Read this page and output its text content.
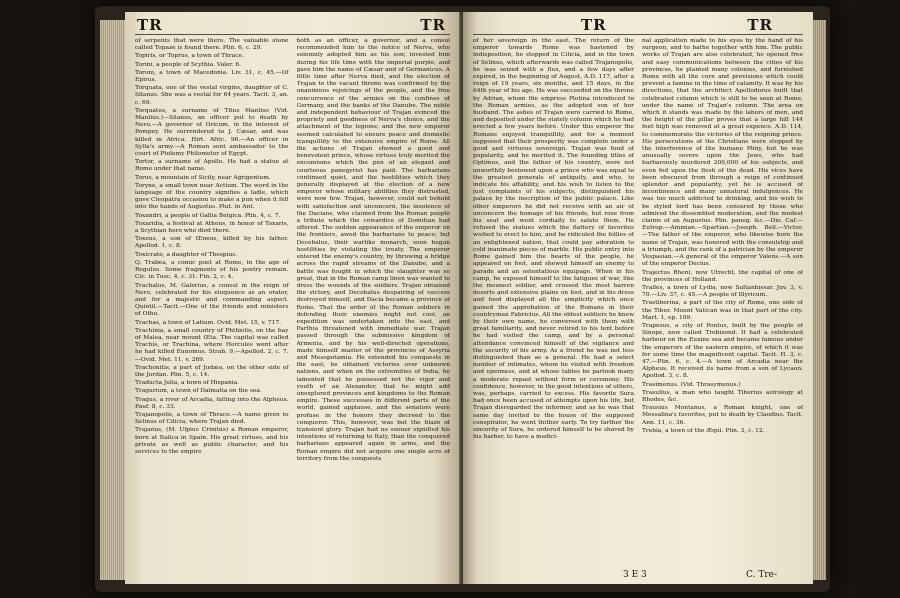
TR	TR

of serpents that were there. The valuable stone called Topaze is found there. Plin. 6, c. 29.

Topiris, or Toprus, a town of Thrace.

Torini, a people of Scythia. Valer. 6.

Toroni, a town of Macedonia. Liv. 31, c. 45.—Of Epirus.

Torquata, one of the vestal virgins, daughter of C. Silanus. She was a vestal for 64 years. Tacit. 3, an. c. 69.

Torquatus, a surname of Titus Manlius (Vid. Manlius.)—Silanus, an officer put to death by Nero.—A governor of Oricum, in the interest of Pompey. He surrendered to J. Cæsar, and was killed in Africa. Hirt. Afric. 96.—An officer in Sylla's army.—A Roman sent ambassador to the court of Ptolemy Philometor of Egypt.

Tortor, a surname of Apollo. He had a statue at Rome under that name.

Torus, a mountain of Sicily, near Agrigentum.

Toryne, a small town near Actium. The word in the language of the country signifies a ladle, which gave Cleopatra occasion to make a pun when it fell into the hands of Augustus. Plut. in Ant.

Toxandri, a people of Gallia Belgica. Plin. 4, c. 7.

Toxaridia, a festival at Athens, in honor of Toxaris, a Scythian hero who died there.

Toxeus, a son of Œneus, killed by his father. Apollod. 1, c. 8.

Toxicrate, a daughter of Thespius.

Q. Trabea, a comic poet at Rome, in the age of Regulus. Some fragments of his poetry remain. Cic. in Tusc. 4, c. 31. Fin. 2, c. 4.

Trachalus, M. Galerius, a consul in the reign of Nero, celebrated for his eloquence as an orator, and for a majestic and commanding aspect. Quintil.—Tacit.—One of the friends and ministers of Otho.

Trachas, a town of Latium. Ovid. Met. 15, v. 717.

Trachinia, a small country of Phthiotis, on the bay of Malea, near mount Œta. The capital was called Trachis, or Trachina, where Hercules went after he had killed Eunomus. Strab. 9.—Apollod. 2, c. 7.—Ovid. Met. 11, v. 269.

Trachonitis, a part of Judæa, on the other side of the Jordan. Plin. 5, c. 14.

Traducta Julia, a town of Hispania.

Tragurium, a town of Dalmatia on the sea.

Tragus, a river of Arcadia, falling into the Alpheus. Pauf. 8, c. 33.

Trajanopolis, a town of Thrace.—A name given to Selinus of Cilicia, where Trajan died.

Trajanus, (M. Ulpius Crinitus) a Roman emperor, born at Italica in Spain. His great virtues, and his private as well as public character, and his services to the empire

both as an officer, a governor, and a consul recommended him to the notice of Nerva, who solemnly adopted him as his son; invested him during his life time with the imperial purple, and gave him the name of Cæsar and of Germanicus. A little time after Nerva died, and the election of Trajan to the vacant throne was confirmed by the unanimous rejoicings of the people, and the free concurrence of the armies on the confines of Germany, and the banks of the Danube. The noble and independent behaviour of Trajan evinced the propriety and goodness of Nerva's choice, and the attachment of the legions; and the new emperor seemed calculated to ensure peace and domestic tranquillity to the extensive empire of Rome. All the actions of Trajan shewed a good and benevolent prince, whose virtues truly merited the encomiums which the pen of an elegant and courteous panegyrist has paid. The barbarians continued quiet, and the hostilities which they generally displayed at the election of a new emperor whose military abilities they distrusted, were now few. Trajan, however, could not behold with satisfaction and unconcern, the insolence of the Dacians, who claimed from the Roman people a tribute which the cowardice of Domitian had offered. The sudden appearance of the emperor on the frontiers, awed the barbarians to peace; but Decebalus, their warlike monarch, soon began hostilities by violating the treaty. The emperor entered the enemy's country, by throwing a bridge across the rapid streams of the Danube, and a battle was fought in which the slaughter was so great, that in the Roman camp linen was wanted to dress the wounds of the soldiers. Trajan obtained the victory, and Decebalus despairing of success destroyed himself, and Dacia became a province of Rome. That the ardor of the Roman soldiers in defending their enemies might not cool, an expedition was undertaken into the east, and Parthia threatened with immediate war. Trajan passed through the submissive kingdom of Armenia, and by his well-directed operations, made himself master of the provinces of Assyria and Mesopotamia. He extended his conquests in the east, he obtained victories over unknown nations, and when on the extremities of India, he lamented that he possessed not the vigor and youth of an Alexander, that he might add unexplored provinces and kingdoms to the Roman empire. These successes in different parts of the world, gained applause, and the senators were profuse in the honors they decreed to the conqueror. This, however, was but the blaze of transient glory. Trajan had no sooner signified his intentions of returning to Italy, than the conquered barbarians appeared again in arms, and the Roman empire did not acquire one single acre of territory from the conquests

TR	TR

of her sovereign in the east. The return of the emperor towards Rome was hastened by indisposition, he stopped in Cilicia, and in the town of Selinus, which afterwards was called Trajanopolis, he was seized with a flux, and a few days after expired, in the beginning of August, A.D. 117, after a reign of 19 years, six months, and 15 days, in the 64th year of his age. He was succeeded on the throne by Adrian, whom the empress Plotina introduced to the Roman armies, as the adopted son of her husband. The ashes of Trajan were carried to Rome, and deposited under the stately column which he had erected a few years before. Under this emperor the Romans enjoyed tranquillity, and for a moment supposed that their prosperity was complete under a good and virtuous sovereign. Trajan was fond of popularity, and he merited it. The founding titles of Optimus, and the father of his country, were not unworthily bestowed upon a prince who was equal to the greatest generals of antiquity, and who, to indicate his affability, and his wish to listen to the just complaints of his subjects, distinguished his palace by the inscription of the public palace. Like other emperors he did not receive with an air of unconcern the homage of his friends, but rose from his seat and went cordially to salute them. He refused the statues which the flattery of favorites wished to erect to him, and he ridiculed the follies of an enlightened nation, that could pay adoration to cold inanimate pieces of marble. His public entry into Rome gained him the hearts of the people, he appeared on foot, and shewed himself an enemy to parade and an ostentatious equipage. When in his camp, he exposed himself to the fatigues of war, like the meanest soldier, and crossed the most barren deserts and extensive plains on foot, and in his dress and food displayed all the simplicity which once gained the approbation of the Romans in their countryman Fabricius. All the oldest soldiers he knew by their own name, he conversed with them with great familiarity, and never retired to his tent before he had visited the camp, and by a personal attendance convinced himself of the vigilance and the security of his army. As a friend he was not less distinguished than as a general. He had a select number of intimates, whom he visited with freedom and openness, and at whose tables he partook many a moderate repast without form or ceremony. His confidence, however, in the good intentions of others, was, perhaps, carried to excess. His favorite Sura had once been accused of attempts upon his life, but Trajan disregarded the informer, and as he was that same day invited to the house of the supposed conspirator, he went thither early. To try farther the sincerity of Sura, he ordered himself to be shaved by his barber, to have a medici-

nal application made to his eyes by the hand of his surgeon, and to bathe together with him. The public works of Trajan are also celebrated, he opened free and easy communications between the cities of his provinces, he planted many colonies, and furnished Rome with all the corn and provisions which could prevent a famine in the time of calamity. It was by his directions, that the architect Apollodorus built that celebrated column which is still to be seen at Rome, under the name of Trajan's column. The area on which it stands was made by the labors of men, and the height of the pillar proves that a large hill 144 feet high was removed at a great expence. A.D. 114, to commemorate the victories of the reigning prince. His persecutions of the Christians were stopped by the interference of the humane Pliny, but he was unusually severe upon the Jews, who had barbarously murdered 200,000 of his subjects, and even fed upon the flesh of the dead. His vices have been obscured from through a reign of continued splendor and popularity, yet he is accused of incontinence and many unnatural indulgences. He was too much addicted to drinking, and his wish to be styled lord has been censured by those who admired the dissembled moderation, and the modest claims of an Augustus. Plin. paneg. &c.—Dio. Caf.—Eutrop.—Ammian.—Spartian.—Joseph. Bell.—Victor.—The father of the emperor, who likewise bore the name of Trajan, was honored with the consulship and a triumph, and the rank of a patrician by the emperor Vespasian.—A general of the emperor Valens.—A son of the emperor Decius.

Trajectus Rheni, now Utrecht, the capital of one of the provinces of Holland.

Tralles, a town of Lydia, now Sultanhissar. Juv. 3, v. 70.—Liv. 37, c. 45.—A people of Illyricum.

Trastiberina, a part of the city of Rome, one side of the Tiber. Mount Vatican was in that part of the city. Mart. 1, ep. 109.

Trapezus, a city of Pontus, built by the people of Sinope, now called Trebizond. It had a celebrated harbour on the Euxine sea and became famous under the emperors of the eastern empire, of which it was for some time the magnificent capital. Tacit. H. 3, c. 47.—Plin. 6, c. 4.—A town of Arcadia near the Alpheus. It received its name from a son of Lycaon. Apollod. 3, c. 8.

Trasimenus. (Vid. Thrasymenus.)

Trasullus, a man who taught Tiberius astrology at Rhodes, &c.

Trausius Montanus, a Roman knight, one of Messalina's favorites, put to death by Claudius. Tacit. Ann. 11, c. 36.

Trebia, a town of the Æqui. Plin. 3, c. 12.

3 E 3	C. Tre-
